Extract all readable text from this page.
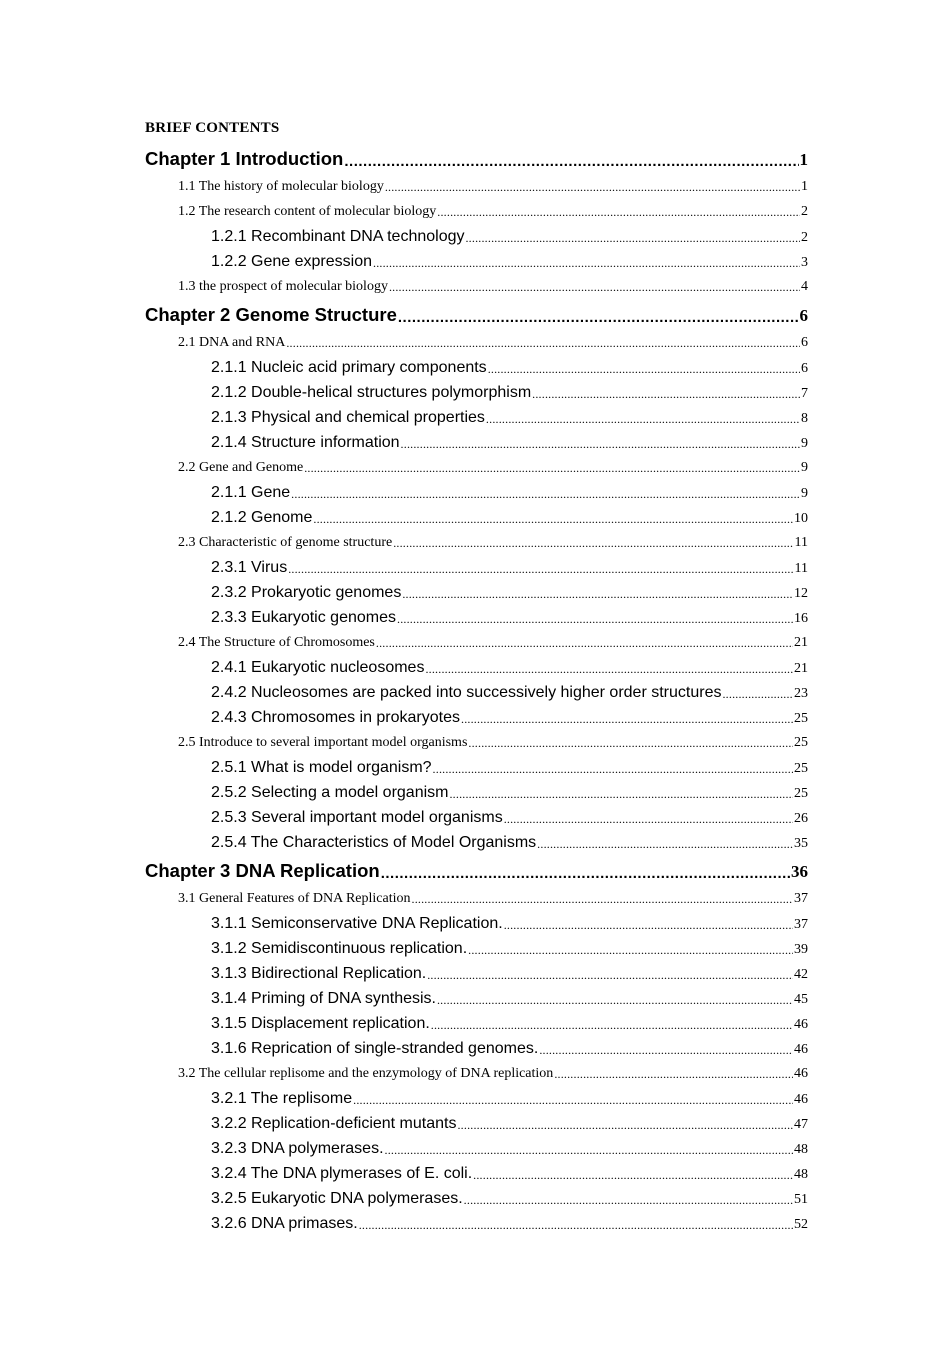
BRIEF CONTENTS
Chapter 1 Introduction .....	1
1.1 The history of molecular biology .....	1
1.2 The research content of molecular biology .....	2
1.2.1 Recombinant DNA technology .....	2
1.2.2 Gene expression .....	3
1.3 the prospect of molecular biology .....	4
Chapter 2 Genome Structure .....	6
2.1 DNA and RNA .....	6
2.1.1 Nucleic acid primary components .....	6
2.1.2 Double-helical structures polymorphism .....	7
2.1.3 Physical and chemical properties .....	8
2.1.4 Structure information .....	9
2.2 Gene and Genome .....	9
2.1.1 Gene .....	9
2.1.2 Genome .....	10
2.3 Characteristic of genome structure .....	11
2.3.1 Virus .....	11
2.3.2 Prokaryotic genomes .....	12
2.3.3 Eukaryotic genomes .....	16
2.4 The Structure of Chromosomes .....	21
2.4.1 Eukaryotic nucleosomes .....	21
2.4.2 Nucleosomes are packed into successively higher order structures .....	23
2.4.3 Chromosomes in prokaryotes .....	25
2.5 Introduce to several important model organisms .....	25
2.5.1 What is model organism? .....	25
2.5.2 Selecting a model organism .....	25
2.5.3 Several important model organisms .....	26
2.5.4 The Characteristics of Model Organisms .....	35
Chapter 3 DNA Replication .....	36
3.1 General Features of DNA Replication .....	37
3.1.1 Semiconservative DNA Replication. .....	37
3.1.2 Semidiscontinuous replication. .....	39
3.1.3 Bidirectional Replication. .....	42
3.1.4 Priming of DNA synthesis. .....	45
3.1.5 Displacement replication. .....	46
3.1.6 Reprication of single-stranded genomes. .....	46
3.2 The cellular replisome and the enzymology of DNA replication .....	46
3.2.1 The replisome .....	46
3.2.2 Replication-deficient mutants .....	47
3.2.3 DNA polymerases. .....	48
3.2.4 The DNA plymerases of E. coli. .....	48
3.2.5 Eukaryotic DNA polymerases. .....	51
3.2.6 DNA primases. .....	52
